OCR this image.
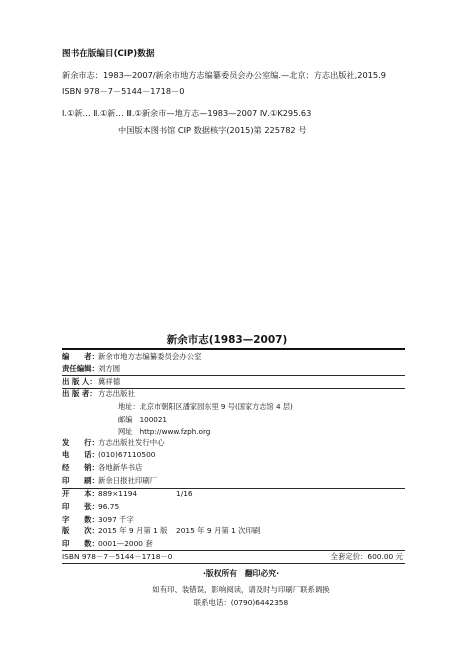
图书在版编目(CIP)数据
新余市志：1983—2007/新余市地方志编纂委员会办公室编.—北京：方志出版社,2015.9
ISBN 978－7－5144－1718－0
Ⅰ.①新… Ⅱ.①新… Ⅲ.①新余市—地方志—1983—2007 Ⅳ.①K295.63
中国版本图书馆 CIP 数据核字(2015)第 225782 号
新余市志(1983—2007)
编　　者：新余市地方志编纂委员会办公室
责任编辑：刘方圆
出 版 人：冀祥德
出 版 者：方志出版社
地址：北京市朝阳区潘家园东里 9 号(国家方志馆 4 层)
邮编　100021
网址　http://www.fzph.org
发　　行：方志出版社发行中心
电　　话：(010)67110500
经　　销：各地新华书店
印　　刷：新余日报社印刷厂
开　　本：889×1194	1/16
印　　张：96.75
字　　数：3097 千字
版　　次：2015 年 9 月第 1 版 2015 年 9 月第 1 次印刷
印　　数：0001—2000 套
ISBN 978－7－5144－1718－0	全套定价：600.00 元
·版权所有　翻印必究·
如有印、装错误，影响阅读，请及时与印刷厂联系调换
联系电话：(0790)6442358
